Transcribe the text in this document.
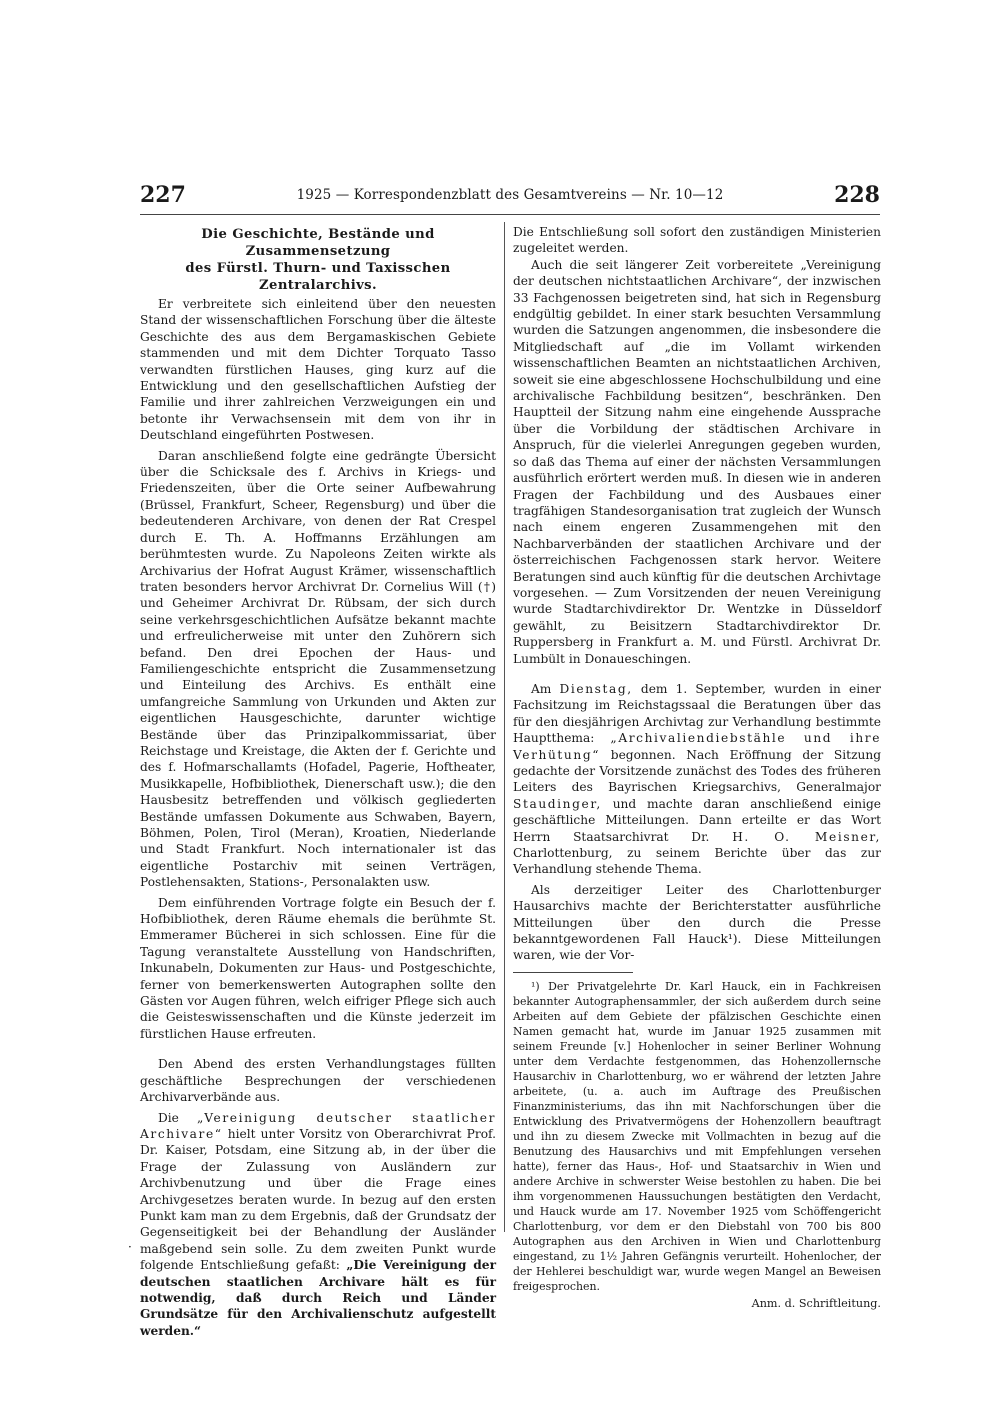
227	1925 — Korrespondenzblatt des Gesamtvereins — Nr. 10—12	228
Die Geschichte, Bestände und Zusammensetzung
des Fürstl. Thurn- und Taxisschen Zentralarchivs.

Er verbreitete sich einleitend über den neuesten Stand der wissenschaftlichen Forschung über die älteste Geschichte des aus dem Bergamaskischen Gebiete stammenden und mit dem Dichter Torquato Tasso verwandten fürstlichen Hauses, ging kurz auf die Entwicklung und den gesellschaftlichen Aufstieg der Familie und ihrer zahlreichen Verzweigungen ein und betonte ihr Verwachsensein mit dem von ihr in Deutschland eingeführten Postwesen.

Daran anschließend folgte eine gedrängte Übersicht über die Schicksale des f. Archivs in Kriegs- und Friedenszeiten, über die Orte seiner Aufbewahrung (Brüssel, Frankfurt, Scheer, Regensburg) und über die bedeutenderen Archivare, von denen der Rat Crespel durch E. Th. A. Hoffmanns Erzählungen am berühmtesten wurde. Zu Napoleons Zeiten wirkte als Archivarius der Hofrat August Krämer, wissenschaftlich traten besonders hervor Archivrat Dr. Cornelius Will (†) und Geheimer Archivrat Dr. Rübsam, der sich durch seine verkehrsgeschichtlichen Aufsätze bekannt machte und erfreulicherweise mit unter den Zuhörern sich befand. Den drei Epochen der Haus- und Familiengeschichte entspricht die Zusammensetzung und Einteilung des Archivs. Es enthält eine umfangreiche Sammlung von Urkunden und Akten zur eigentlichen Hausgeschichte, darunter wichtige Bestände über das Prinzipalkommissariat, über Reichstage und Kreistage, die Akten der f. Gerichte und des f. Hofmarschallamts (Hofadel, Pagerie, Hoftheater, Musikkapelle, Hofbibliothek, Dienerschaft usw.); die den Hausbesitz betreffenden und völkisch gegliederten Bestände umfassen Dokumente aus Schwaben, Bayern, Böhmen, Polen, Tirol (Meran), Kroatien, Niederlande und Stadt Frankfurt. Noch internationaler ist das eigentliche Postarchiv mit seinen Verträgen, Postlehensakten, Stations-, Personalakten usw.

Dem einführenden Vortrage folgte ein Besuch der f. Hofbibliothek, deren Räume ehemals die berühmte St. Emmeramer Bücherei in sich schlossen. Eine für die Tagung veranstaltete Ausstellung von Handschriften, Inkunabeln, Dokumenten zur Haus- und Postgeschichte, ferner von bemerkenswerten Autographen sollte den Gästen vor Augen führen, welch eifriger Pflege sich auch die Geisteswissenschaften und die Künste jederzeit im fürstlichen Hause erfreuten.

Den Abend des ersten Verhandlungstages füllten geschäftliche Besprechungen der verschiedenen Archivarverbände aus.

Die „Vereinigung deutscher staatlicher Archivare“ hielt unter Vorsitz von Oberarchivrat Prof. Dr. Kaiser, Potsdam, eine Sitzung ab, in der über die Frage der Zulassung von Ausländern zur Archivbenutzung und über die Frage eines Archivgesetzes beraten wurde. In bezug auf den ersten Punkt kam man zu dem Ergebnis, daß der Grundsatz der Gegenseitigkeit bei der Behandlung der Ausländer maßgebend sein solle. Zu dem zweiten Punkt wurde folgende Entschließung gefaßt: „Die Vereinigung der deutschen staatlichen Archivare hält es für notwendig, daß durch Reich und Länder Grundsätze für den Archivalienschutz aufgestellt werden.“

Die Entschließung soll sofort den zuständigen Ministerien zugeleitet werden.

Auch die seit längerer Zeit vorbereitete „Vereinigung der deutschen nichtstaatlichen Archivare“, der inzwischen 33 Fachgenossen beigetreten sind, hat sich in Regensburg endgültig gebildet. In einer stark besuchten Versammlung wurden die Satzungen angenommen, die insbesondere die Mitgliedschaft auf „die im Vollamt wirkenden wissenschaftlichen Beamten an nichtstaatlichen Archiven, soweit sie eine abgeschlossene Hochschulbildung und eine archivalische Fachbildung besitzen“, beschränken. Den Hauptteil der Sitzung nahm eine eingehende Aussprache über die Vorbildung der städtischen Archivare in Anspruch, für die vielerlei Anregungen gegeben wurden, so daß das Thema auf einer der nächsten Versammlungen ausführlich erörtert werden muß. In diesen wie in anderen Fragen der Fachbildung und des Ausbaues einer tragfähigen Standesorganisation trat zugleich der Wunsch nach einem engeren Zusammengehen mit den Nachbarverbänden der staatlichen Archivare und der österreichischen Fachgenossen stark hervor. Weitere Beratungen sind auch künftig für die deutschen Archivtage vorgesehen. — Zum Vorsitzenden der neuen Vereinigung wurde Stadtarchivdirektor Dr. Wentzke in Düsseldorf gewählt, zu Beisitzern Stadtarchivdirektor Dr. Ruppersberg in Frankfurt a. M. und Fürstl. Archivrat Dr. Lumbült in Donaueschingen.

Am Dienstag, dem 1. September, wurden in einer Fachsitzung im Reichstagssaal die Beratungen über das für den diesjährigen Archivtag zur Verhandlung bestimmte Hauptthema: „Archivaliendiebstähle und ihre Verhütung“ begonnen. Nach Eröffnung der Sitzung gedachte der Vorsitzende zunächst des Todes des früheren Leiters des Bayrischen Kriegsarchivs, Generalmajor Staudinger, und machte daran anschließend einige geschäftliche Mitteilungen. Dann erteilte er das Wort Herrn Staatsarchivrat Dr. H. O. Meisner, Charlottenburg, zu seinem Berichte über das zur Verhandlung stehende Thema.

Als derzeitiger Leiter des Charlottenburger Hausarchivs machte der Berichterstatter ausführliche Mitteilungen über den durch die Presse bekanntgewordenen Fall Hauck¹). Diese Mitteilungen waren, wie der Vor-

¹) Der Privatgelehrte Dr. Karl Hauck, ein in Fachkreisen bekannter Autographensammler, der sich außerdem durch seine Arbeiten auf dem Gebiete der pfälzischen Geschichte einen Namen gemacht hat, wurde im Januar 1925 zusammen mit seinem Freunde [v.] Hohenlocher in seiner Berliner Wohnung unter dem Verdachte festgenommen, das Hohenzollernsche Hausarchiv in Charlottenburg, wo er während der letzten Jahre arbeitete, (u. a. auch im Auftrage des Preußischen Finanzministeriums, das ihn mit Nachforschungen über die Entwicklung des Privatvermögens der Hohenzollern beauftragt und ihn zu diesem Zwecke mit Vollmachten in bezug auf die Benutzung des Hausarchivs und mit Empfehlungen versehen hatte), ferner das Haus-, Hof- und Staatsarchiv in Wien und andere Archive in schwerster Weise bestohlen zu haben. Die bei ihm vorgenommenen Haussuchungen bestätigten den Verdacht, und Hauck wurde am 17. November 1925 vom Schöffengericht Charlottenburg, vor dem er den Diebstahl von 700 bis 800 Autographen aus den Archiven in Wien und Charlottenburg eingestand, zu 1½ Jahren Gefängnis verurteilt. Hohenlocher, der der Hehlerei beschuldigt war, wurde wegen Mangel an Beweisen freigesprochen.

Anm. d. Schriftleitung.
·
